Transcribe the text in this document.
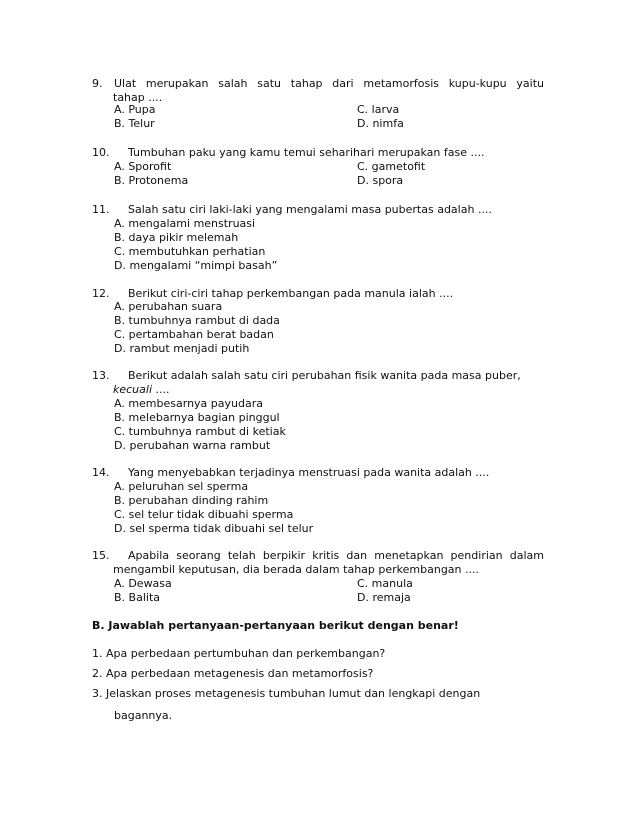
9. Ulat merupakan salah satu tahap dari metamorfosis kupu-kupu yaitu
tahap ....
A. Pupa	C. larva
B. Telur	D. nimfa
10. Tumbuhan paku yang kamu temui seharihari merupakan fase ....
A. Sporofit	C. gametofit
B. Protonema	D. spora
11. Salah satu ciri laki-laki yang mengalami masa pubertas adalah ....
A. mengalami menstruasi
B. daya pikir melemah
C. membutuhkan perhatian
D. mengalami “mimpi basah”
12. Berikut ciri-ciri tahap perkembangan pada manula ialah ....
A. perubahan suara
B. tumbuhnya rambut di dada
C. pertambahan berat badan
D. rambut menjadi putih
13. Berikut adalah salah satu ciri perubahan fisik wanita pada masa puber,
kecuali ....
A. membesarnya payudara
B. melebarnya bagian pinggul
C. tumbuhnya rambut di ketiak
D. perubahan warna rambut
14. Yang menyebabkan terjadinya menstruasi pada wanita adalah ....
A. peluruhan sel sperma
B. perubahan dinding rahim
C. sel telur tidak dibuahi sperma
D. sel sperma tidak dibuahi sel telur
15. Apabila seorang telah berpikir kritis dan menetapkan pendirian dalam
mengambil keputusan, dia berada dalam tahap perkembangan ....
A. Dewasa	C. manula
B. Balita	D. remaja
B. Jawablah pertanyaan-pertanyaan berikut dengan benar!
1. Apa perbedaan pertumbuhan dan perkembangan?
2. Apa perbedaan metagenesis dan metamorfosis?
3. Jelaskan proses metagenesis tumbuhan lumut dan lengkapi dengan
bagannya.
